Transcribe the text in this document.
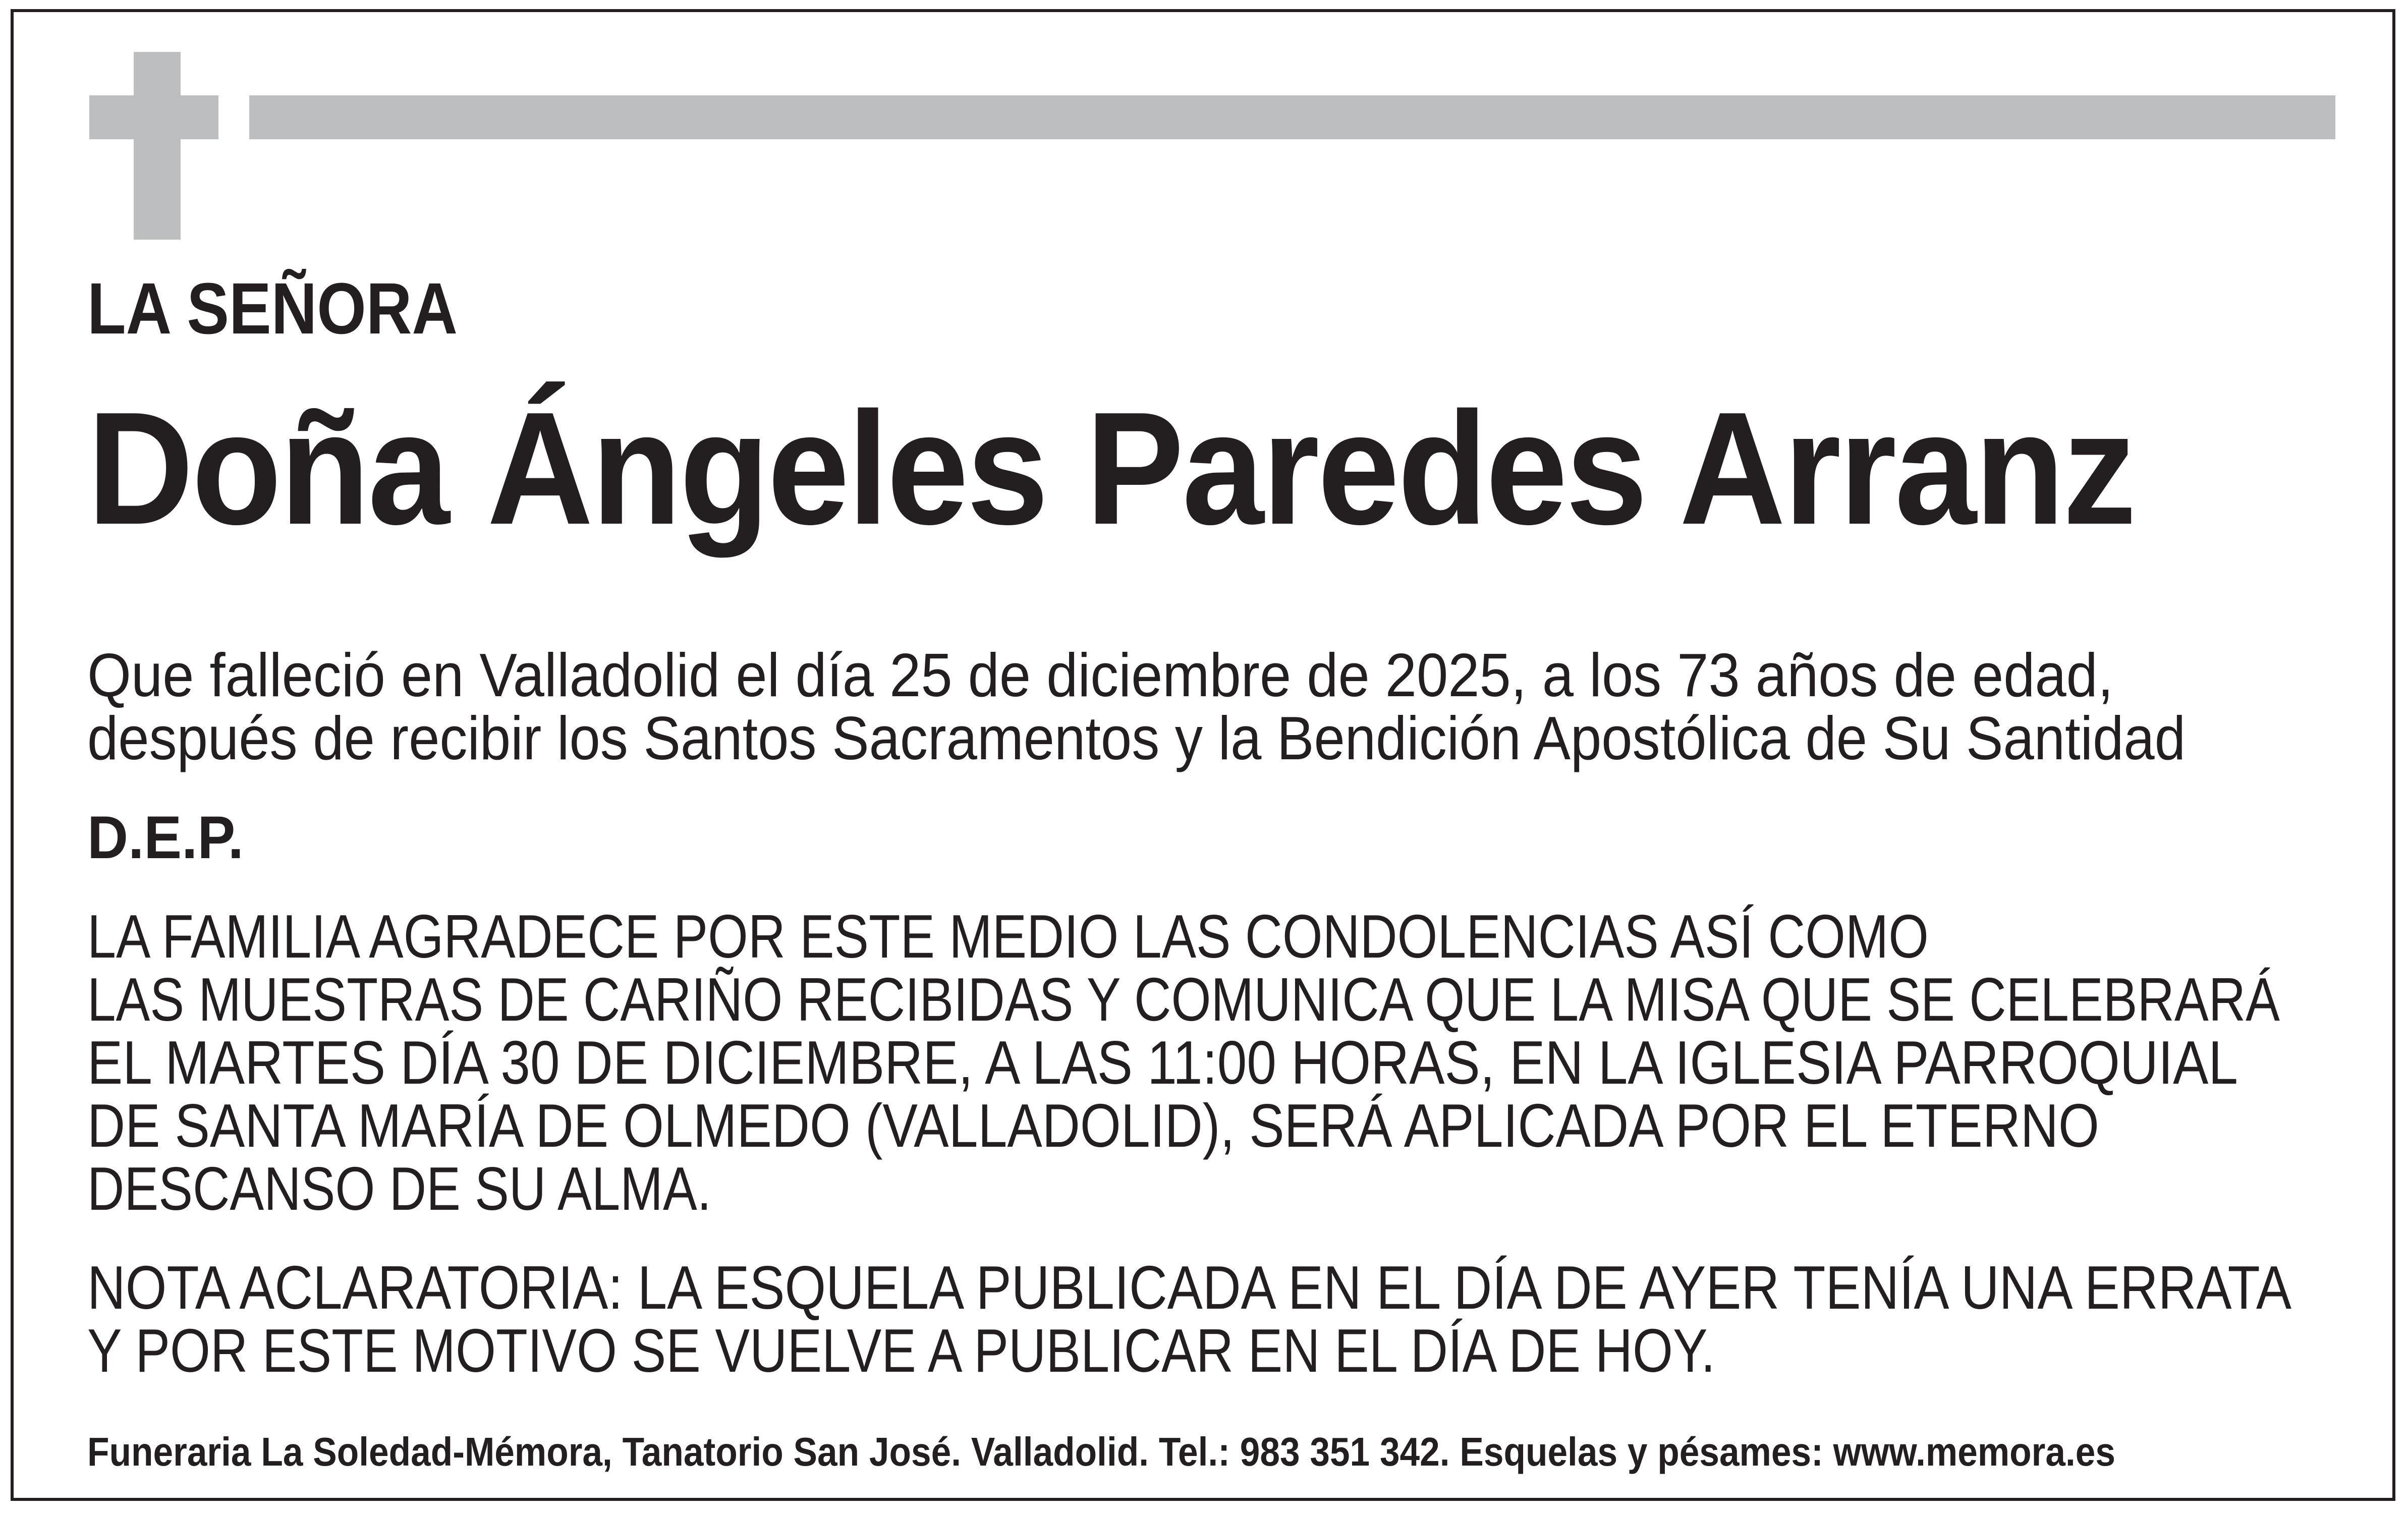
LA SEÑORA
Doña Ángeles Paredes Arranz
Que falleció en Valladolid el día 25 de diciembre de 2025, a los 73 años de edad,
después de recibir los Santos Sacramentos y la Bendición Apostólica de Su Santidad
D.E.P.
LA FAMILIA AGRADECE POR ESTE MEDIO LAS CONDOLENCIAS ASÍ COMO
LAS MUESTRAS DE CARIÑO RECIBIDAS Y COMUNICA QUE LA MISA QUE SE CELEBRARÁ
EL MARTES DÍA 30 DE DICIEMBRE, A LAS 11:00 HORAS, EN LA IGLESIA PARROQUIAL
DE SANTA MARÍA DE OLMEDO (VALLADOLID), SERÁ APLICADA POR EL ETERNO
DESCANSO DE SU ALMA.
NOTA ACLARATORIA: LA ESQUELA PUBLICADA EN EL DÍA DE AYER TENÍA UNA ERRATA
Y POR ESTE MOTIVO SE VUELVE A PUBLICAR EN EL DÍA DE HOY.
Funeraria La Soledad-Mémora, Tanatorio San José. Valladolid. Tel.: 983 351 342. Esquelas y pésames: www.memora.es
